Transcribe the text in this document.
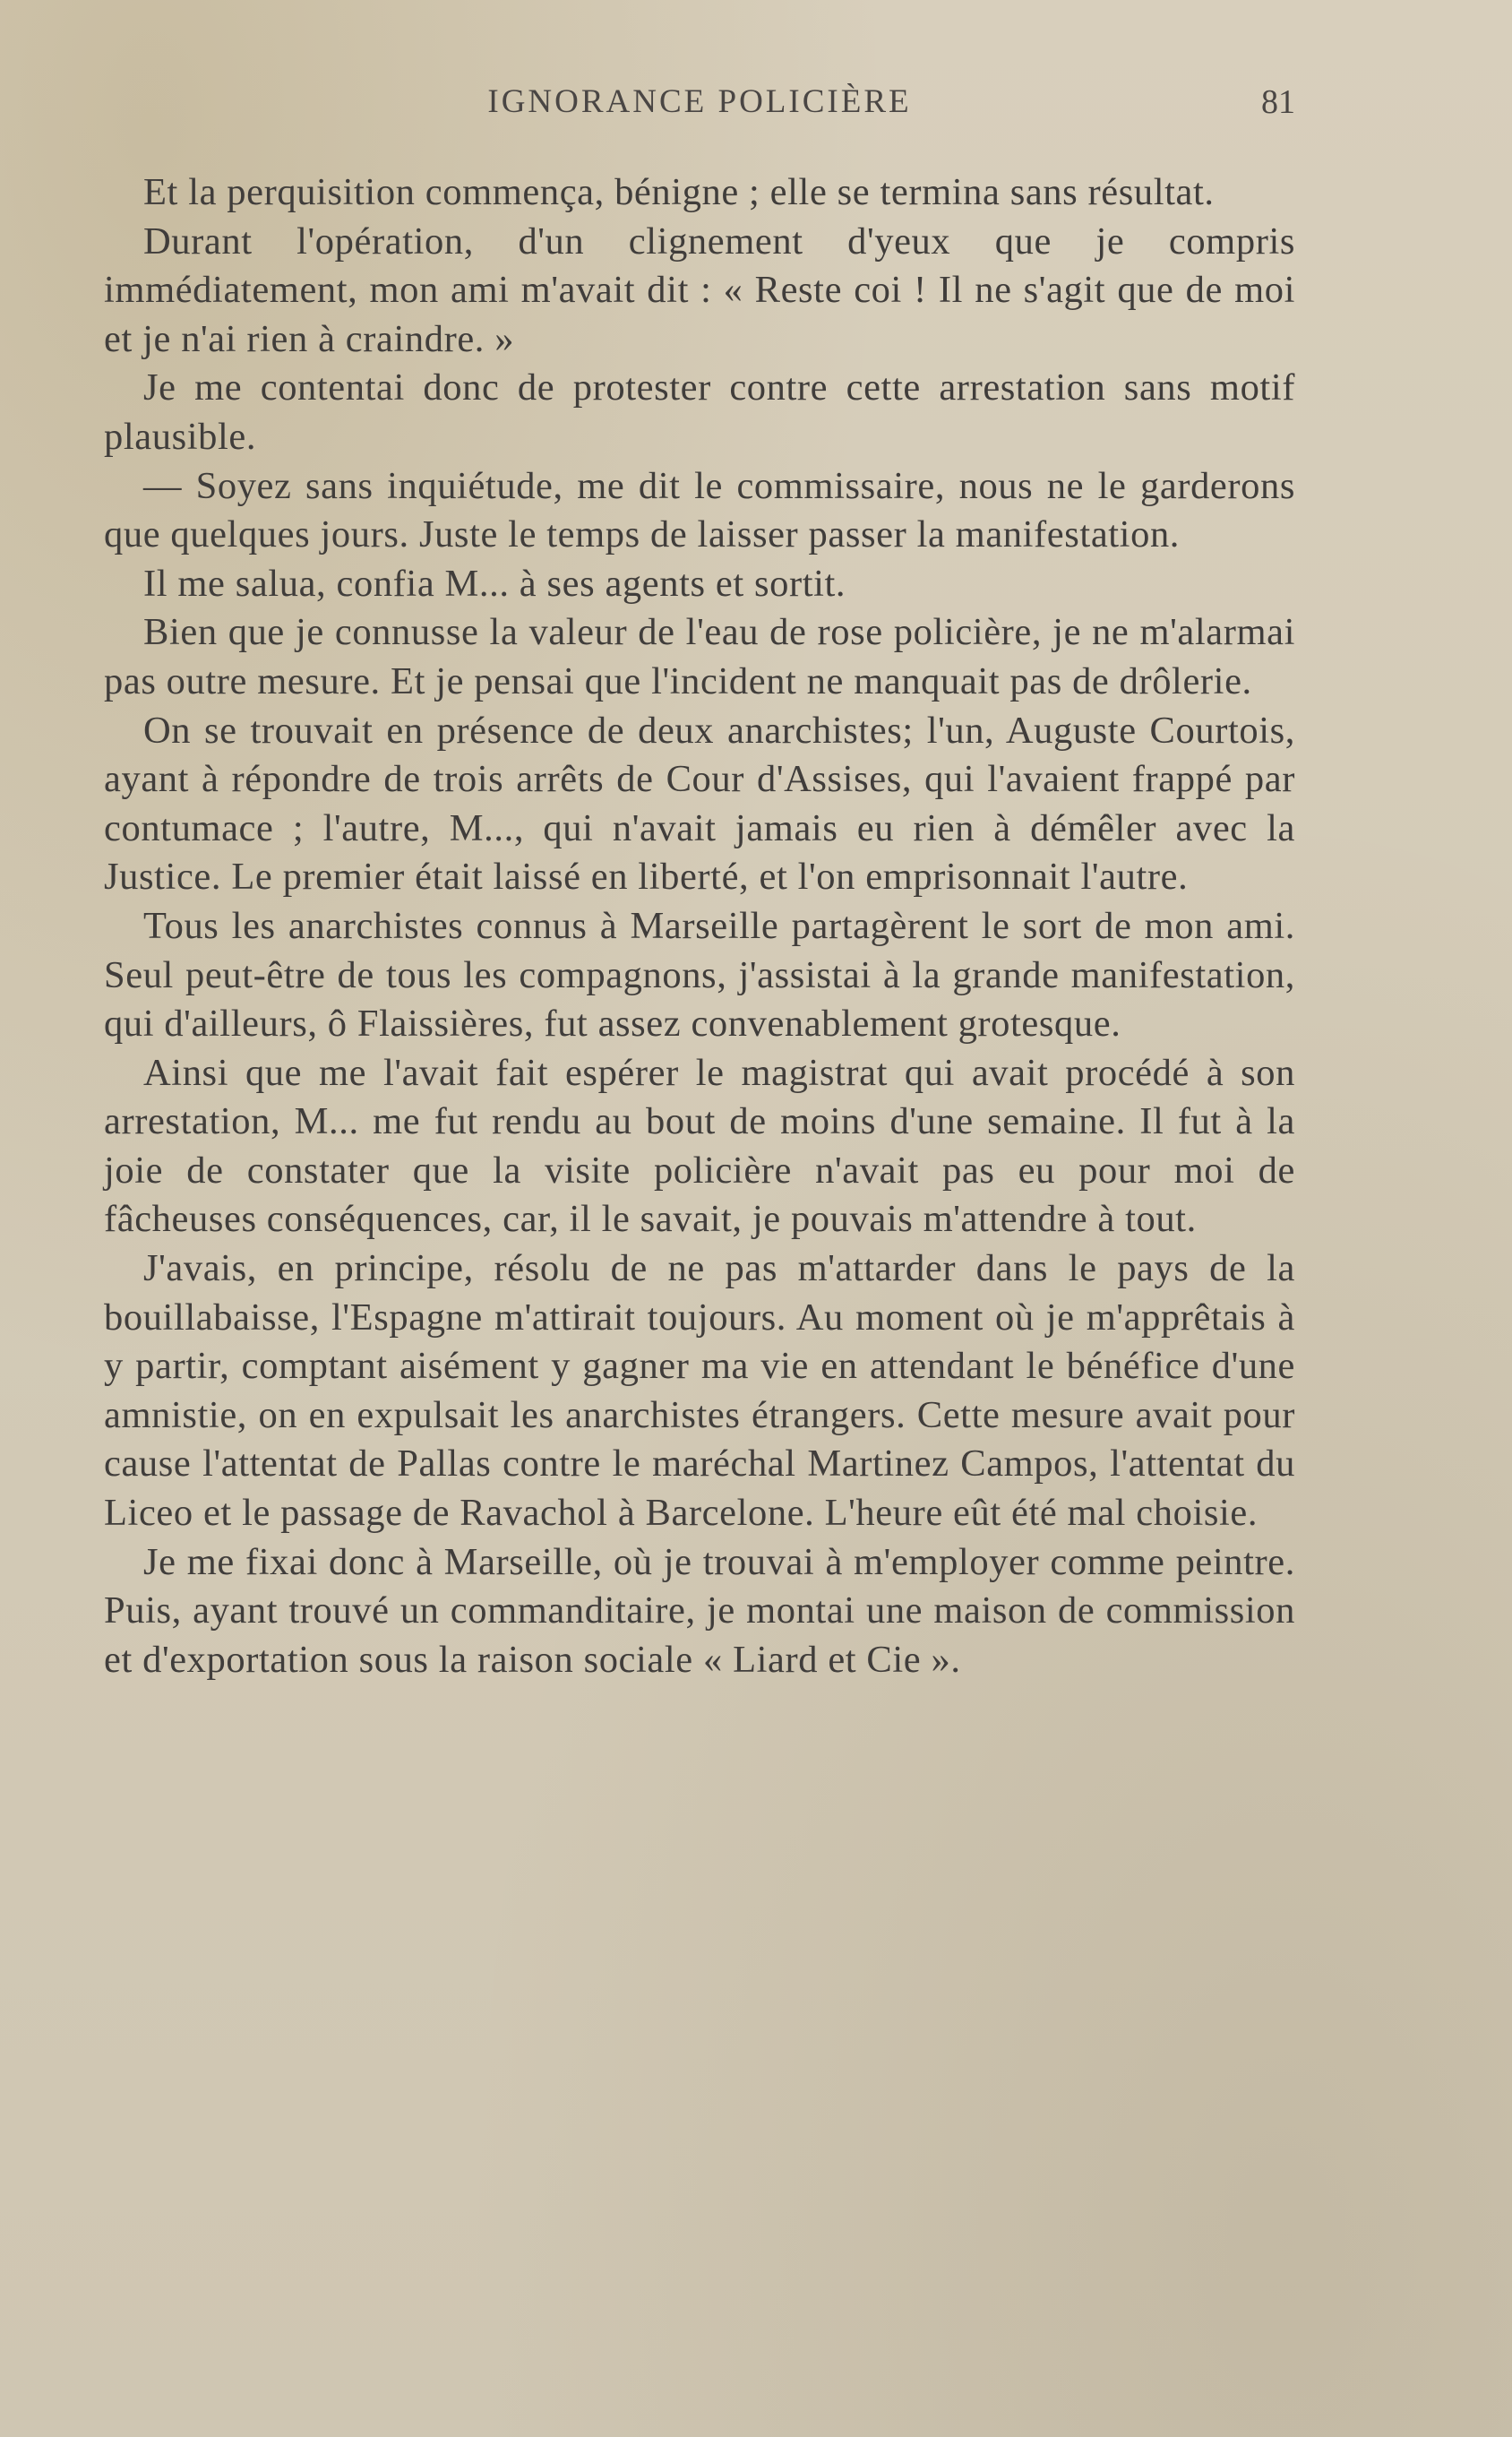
IGNORANCE POLICIÈRE	81

Et la perquisition commença, bénigne ; elle se termina sans résultat.

Durant l'opération, d'un clignement d'yeux que je compris immédiatement, mon ami m'avait dit : « Reste coi ! Il ne s'agit que de moi et je n'ai rien à craindre. »

Je me contentai donc de protester contre cette arrestation sans motif plausible.

— Soyez sans inquiétude, me dit le commissaire, nous ne le garderons que quelques jours. Juste le temps de laisser passer la manifestation.

Il me salua, confia M... à ses agents et sortit.

Bien que je connusse la valeur de l'eau de rose policière, je ne m'alarmai pas outre mesure. Et je pensai que l'incident ne manquait pas de drôlerie.

On se trouvait en présence de deux anarchistes; l'un, Auguste Courtois, ayant à répondre de trois arrêts de Cour d'Assises, qui l'avaient frappé par contumace ; l'autre, M..., qui n'avait jamais eu rien à démêler avec la Justice. Le premier était laissé en liberté, et l'on emprisonnait l'autre.

Tous les anarchistes connus à Marseille partagèrent le sort de mon ami. Seul peut-être de tous les compagnons, j'assistai à la grande manifestation, qui d'ailleurs, ô Flaissières, fut assez convenablement grotesque.

Ainsi que me l'avait fait espérer le magistrat qui avait procédé à son arrestation, M... me fut rendu au bout de moins d'une semaine. Il fut à la joie de constater que la visite policière n'avait pas eu pour moi de fâcheuses conséquences, car, il le savait, je pouvais m'attendre à tout.

J'avais, en principe, résolu de ne pas m'attarder dans le pays de la bouillabaisse, l'Espagne m'attirait toujours. Au moment où je m'apprêtais à y partir, comptant aisément y gagner ma vie en attendant le bénéfice d'une amnistie, on en expulsait les anarchistes étrangers. Cette mesure avait pour cause l'attentat de Pallas contre le maréchal Martinez Campos, l'attentat du Liceo et le passage de Ravachol à Barcelone. L'heure eût été mal choisie.

Je me fixai donc à Marseille, où je trouvai à m'employer comme peintre. Puis, ayant trouvé un commanditaire, je montai une maison de commission et d'exportation sous la raison sociale « Liard et Cie ».
